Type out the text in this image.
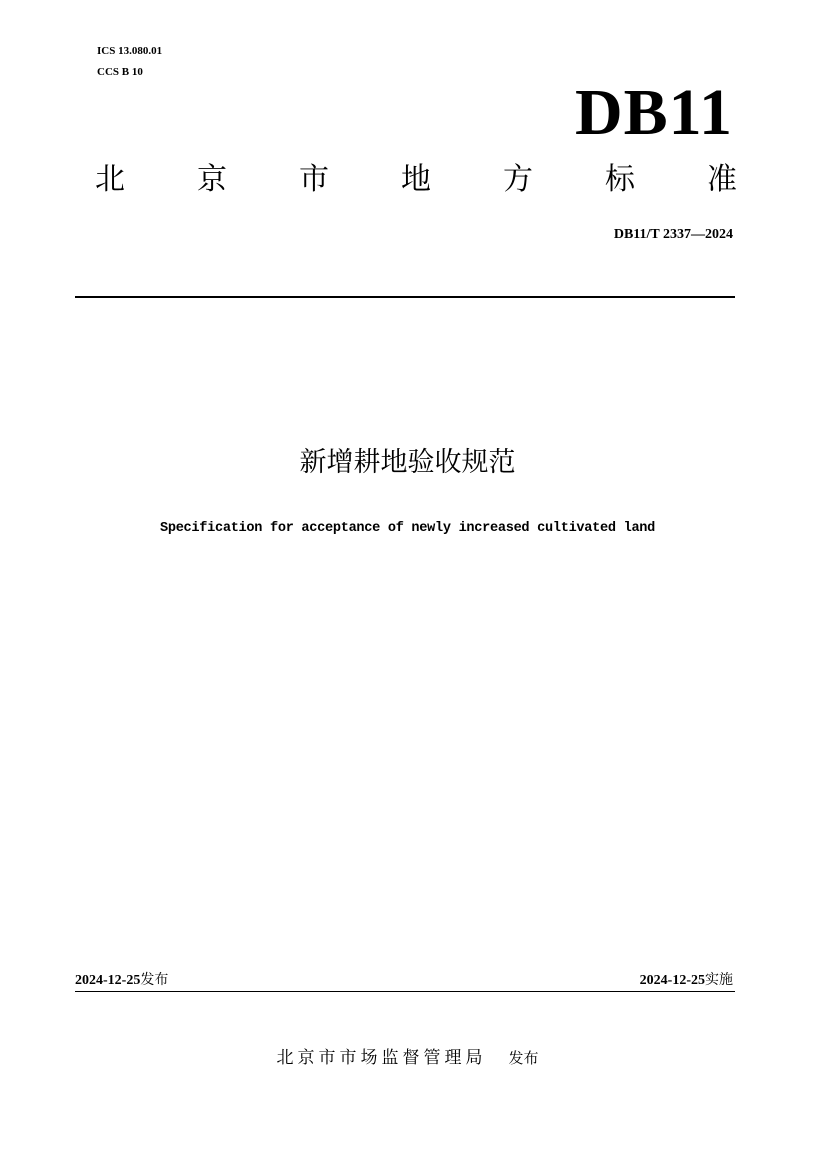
ICS 13.080.01
CCS B 10
DB11
北 京 市 地 方 标 准
DB11/T 2337—2024
新增耕地验收规范
Specification for acceptance of newly increased cultivated land
2024-12-25发布	2024-12-25实施
北京市市场监督管理局 发布
